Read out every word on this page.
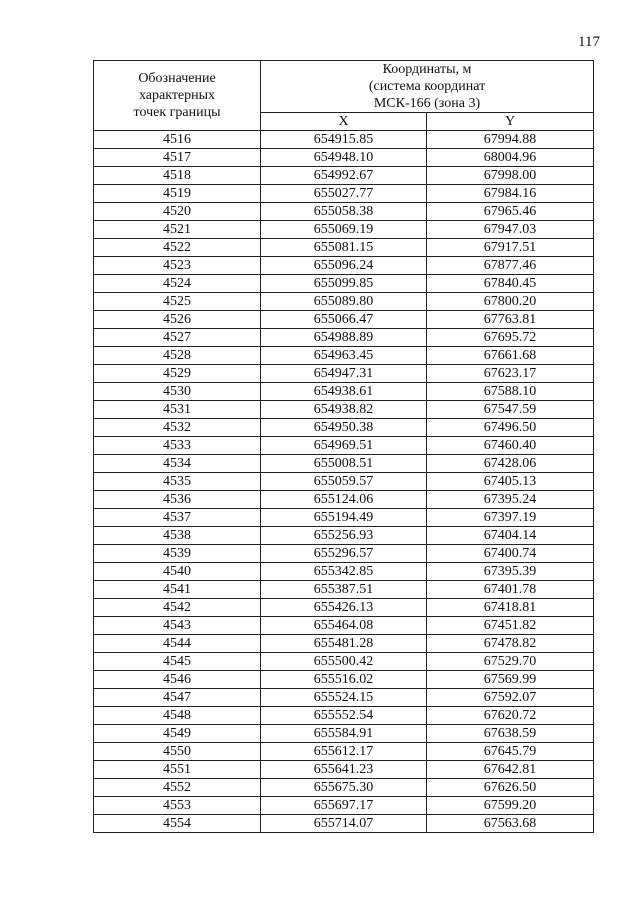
117
Обозначение
характерных
точек границы	Координаты, м
(система координат
МСК-166 (зона 3)	

	X	Y
4516	654915.85	67994.88
4517	654948.10	68004.96
4518	654992.67	67998.00
4519	655027.77	67984.16
4520	655058.38	67965.46
4521	655069.19	67947.03
4522	655081.15	67917.51
4523	655096.24	67877.46
4524	655099.85	67840.45
4525	655089.80	67800.20
4526	655066.47	67763.81
4527	654988.89	67695.72
4528	654963.45	67661.68
4529	654947.31	67623.17
4530	654938.61	67588.10
4531	654938.82	67547.59
4532	654950.38	67496.50
4533	654969.51	67460.40
4534	655008.51	67428.06
4535	655059.57	67405.13
4536	655124.06	67395.24
4537	655194.49	67397.19
4538	655256.93	67404.14
4539	655296.57	67400.74
4540	655342.85	67395.39
4541	655387.51	67401.78
4542	655426.13	67418.81
4543	655464.08	67451.82
4544	655481.28	67478.82
4545	655500.42	67529.70
4546	655516.02	67569.99
4547	655524.15	67592.07
4548	655552.54	67620.72
4549	655584.91	67638.59
4550	655612.17	67645.79
4551	655641.23	67642.81
4552	655675.30	67626.50
4553	655697.17	67599.20
4554	655714.07	67563.68
